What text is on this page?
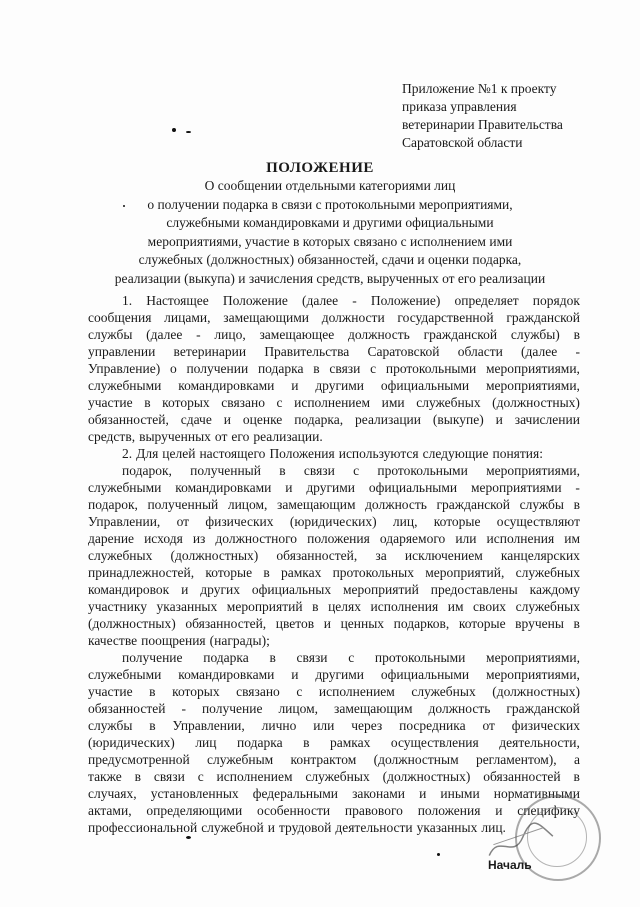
Приложение №1 к проекту
приказа управления
ветеринарии Правительства
Саратовской области
ПОЛОЖЕНИЕ
О сообщении отдельными категориями лиц
о получении подарка в связи с протокольными мероприятиями,
служебными командировками и другими официальными
мероприятиями, участие в которых связано с исполнением ими
служебных (должностных) обязанностей, сдачи и оценки подарка,
реализации (выкупа) и зачисления средств, вырученных от его реализации
1. Настоящее Положение (далее - Положение) определяет порядок
сообщения лицами, замещающими должности государственной гражданской
службы (далее - лицо, замещающее должность гражданской службы) в
управлении ветеринарии Правительства Саратовской области (далее -
Управление) о получении подарка в связи с протокольными мероприятиями,
служебными командировками и другими официальными мероприятиями,
участие в которых связано с исполнением ими служебных (должностных)
обязанностей, сдаче и оценке подарка, реализации (выкупе) и зачислении
средств, вырученных от его реализации.
2. Для целей настоящего Положения используются следующие понятия:
подарок, полученный в связи с протокольными мероприятиями,
служебными командировками и другими официальными мероприятиями -
подарок, полученный лицом, замещающим должность гражданской службы в
Управлении, от физических (юридических) лиц, которые осуществляют
дарение исходя из должностного положения одаряемого или исполнения им
служебных (должностных) обязанностей, за исключением канцелярских
принадлежностей, которые в рамках протокольных мероприятий, служебных
командировок и других официальных мероприятий предоставлены каждому
участнику указанных мероприятий в целях исполнения им своих служебных
(должностных) обязанностей, цветов и ценных подарков, которые вручены в
качестве поощрения (награды);
получение подарка в связи с протокольными мероприятиями,
служебными командировками и другими официальными мероприятиями,
участие в которых связано с исполнением служебных (должностных)
обязанностей - получение лицом, замещающим должность гражданской
службы в Управлении, лично или через посредника от физических
(юридических) лиц подарка в рамках осуществления деятельности,
предусмотренной служебным контрактом (должностным регламентом), а
также в связи с исполнением служебных (должностных) обязанностей в
случаях, установленных федеральными законами и иными нормативными
актами, определяющими особенности правового положения и специфику
профессиональной служебной и трудовой деятельности указанных лиц.
Началь
